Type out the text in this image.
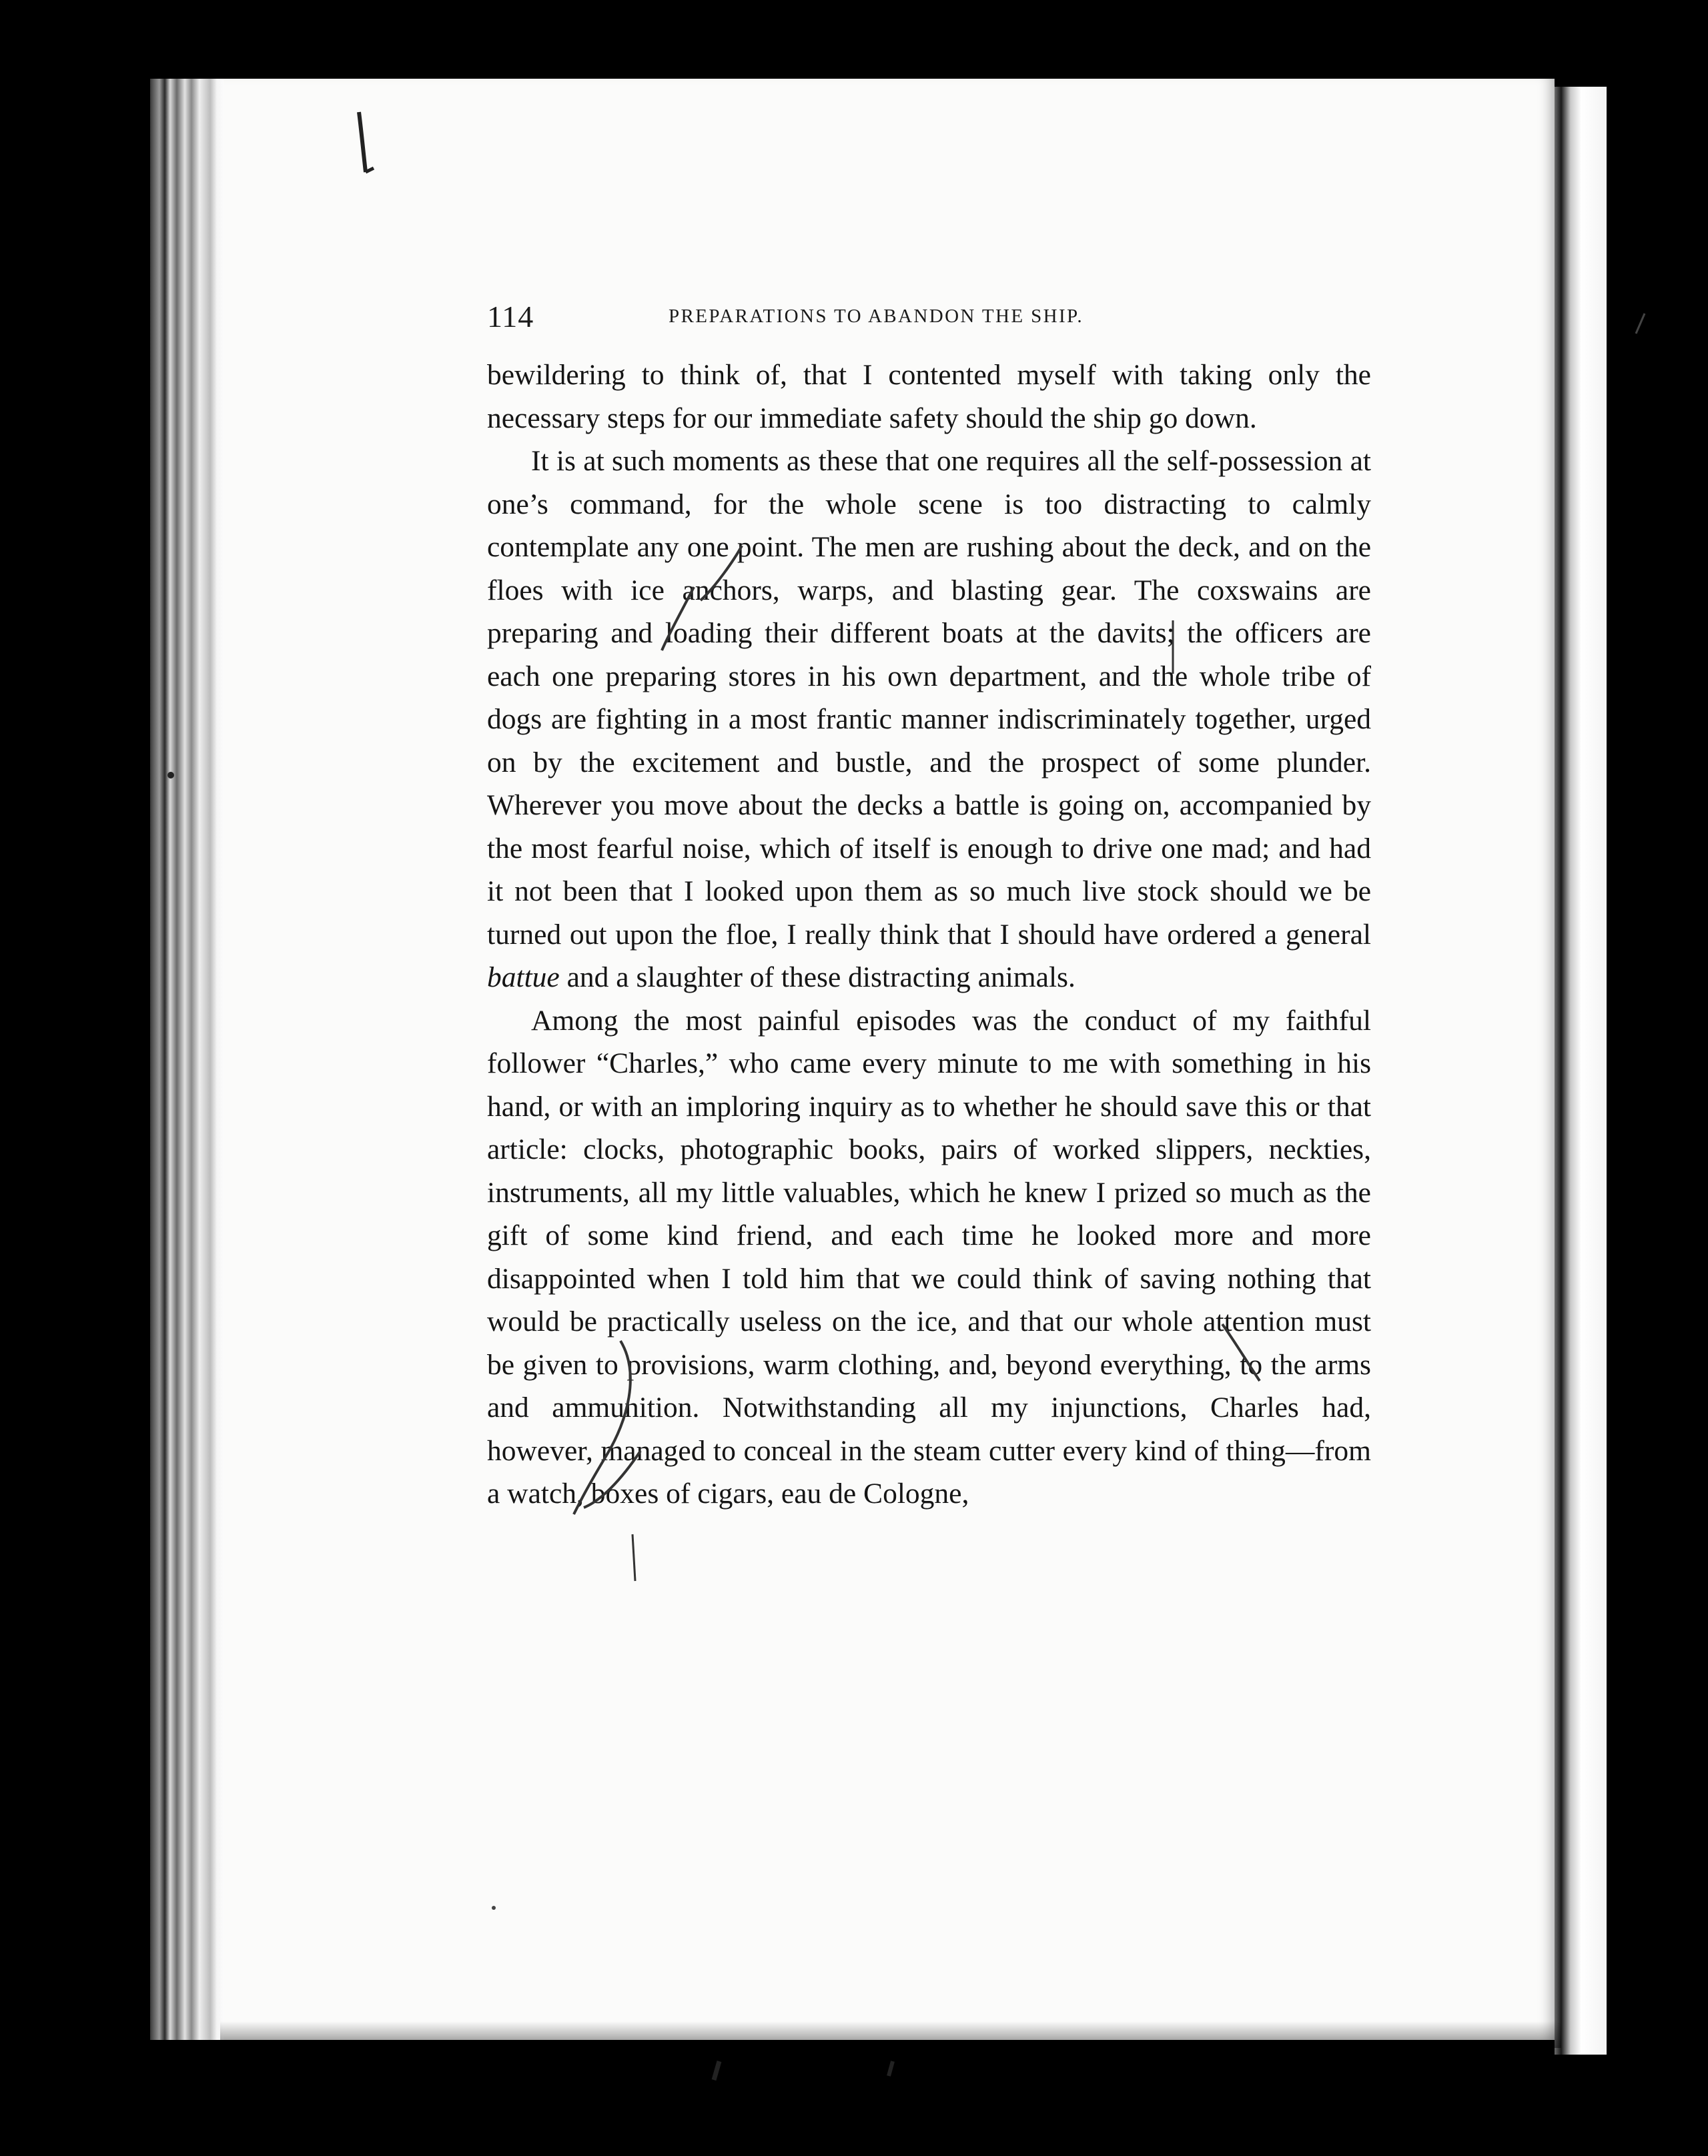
114	PREPARATIONS TO ABANDON THE SHIP.

bewildering to think of, that I contented myself with taking only the necessary steps for our immediate safety should the ship go down.

It is at such moments as these that one requires all the self-possession at one’s command, for the whole scene is too distracting to calmly contemplate any one point. The men are rushing about the deck, and on the floes with ice anchors, warps, and blasting gear. The coxswains are preparing and loading their different boats at the davits; the officers are each one preparing stores in his own department, and the whole tribe of dogs are fighting in a most frantic manner indiscriminately together, urged on by the excitement and bustle, and the prospect of some plunder. Wherever you move about the decks a battle is going on, accompanied by the most fearful noise, which of itself is enough to drive one mad; and had it not been that I looked upon them as so much live stock should we be turned out upon the floe, I really think that I should have ordered a general battue and a slaughter of these distracting animals.

Among the most painful episodes was the conduct of my faithful follower “Charles,” who came every minute to me with something in his hand, or with an imploring inquiry as to whether he should save this or that article: clocks, photographic books, pairs of worked slippers, neckties, instruments, all my little valuables, which he knew I prized so much as the gift of some kind friend, and each time he looked more and more disappointed when I told him that we could think of saving nothing that would be practically useless on the ice, and that our whole attention must be given to provisions, warm clothing, and, beyond everything, to the arms and ammunition. Notwithstanding all my injunctions, Charles had, however, managed to conceal in the steam cutter every kind of thing—from a watch, boxes of cigars, eau de Cologne,
